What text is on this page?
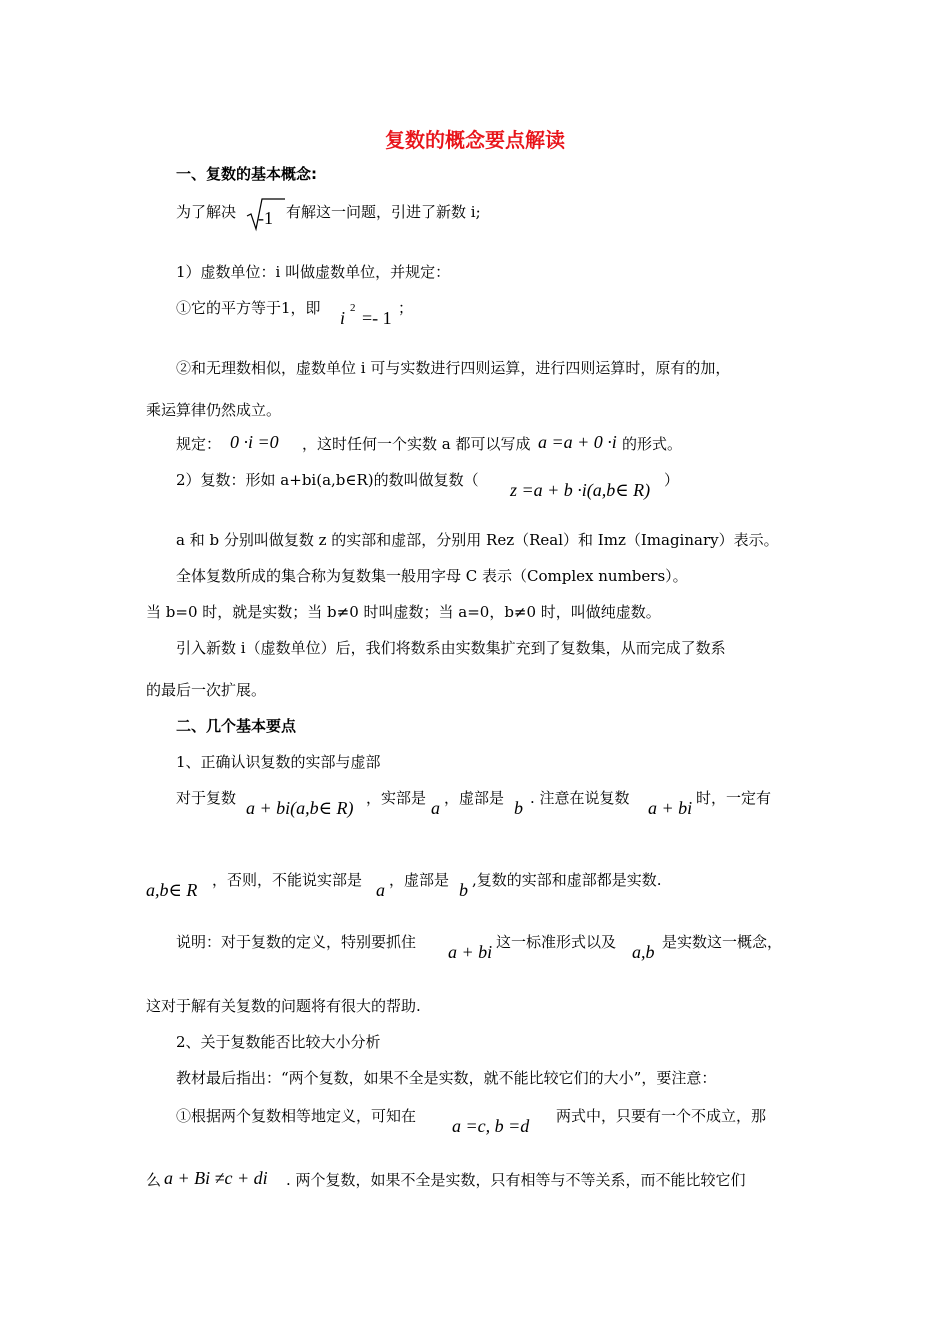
复数的概念要点解读
一、复数的基本概念:
为了解决 -1 有解这一问题，引进了新数 i;
1）虚数单位：i 叫做虚数单位，并规定：
①它的平方等于1，即 i 2 =- 1 ；
②和无理数相似，虚数单位 i 可与实数进行四则运算，进行四则运算时，原有的加，
乘运算律仍然成立。
规定： 0 ·i =0 ，这时任何一个实数 a 都可以写成 a =a + 0 ·i 的形式。
2）复数：形如 a+bi(a,b∈R)的数叫做复数（ z =a + b ·i(a,b∈ R) ）
a 和 b 分别叫做复数 z 的实部和虚部，分别用 Rez（Real）和 Imz（Imaginary）表示。
全体复数所成的集合称为复数集一般用字母 C 表示（Complex numbers）。
当 b=0 时，就是实数；当 b≠0 时叫虚数；当 a=0，b≠0 时，叫做纯虚数。
引入新数 i（虚数单位）后，我们将数系由实数集扩充到了复数集，从而完成了数系
的最后一次扩展。
二、几个基本要点
1、正确认识复数的实部与虚部
对于复数 a + bi(a,b∈ R) ，实部是 a ，虚部是 b . 注意在说复数 a + bi 时，一定有
a,b∈ R ，否则，不能说实部是 a ，虚部是 b ,复数的实部和虚部都是实数.
说明：对于复数的定义，特别要抓住 a + bi 这一标准形式以及 a,b 是实数这一概念，
这对于解有关复数的问题将有很大的帮助.
2、关于复数能否比较大小分析
教材最后指出：“两个复数，如果不全是实数，就不能比较它们的大小”，要注意：
①根据两个复数相等地定义，可知在 a =c, b =d 两式中，只要有一个不成立，那
么 a + Bi ≠c + di . 两个复数，如果不全是实数，只有相等与不等关系，而不能比较它们
